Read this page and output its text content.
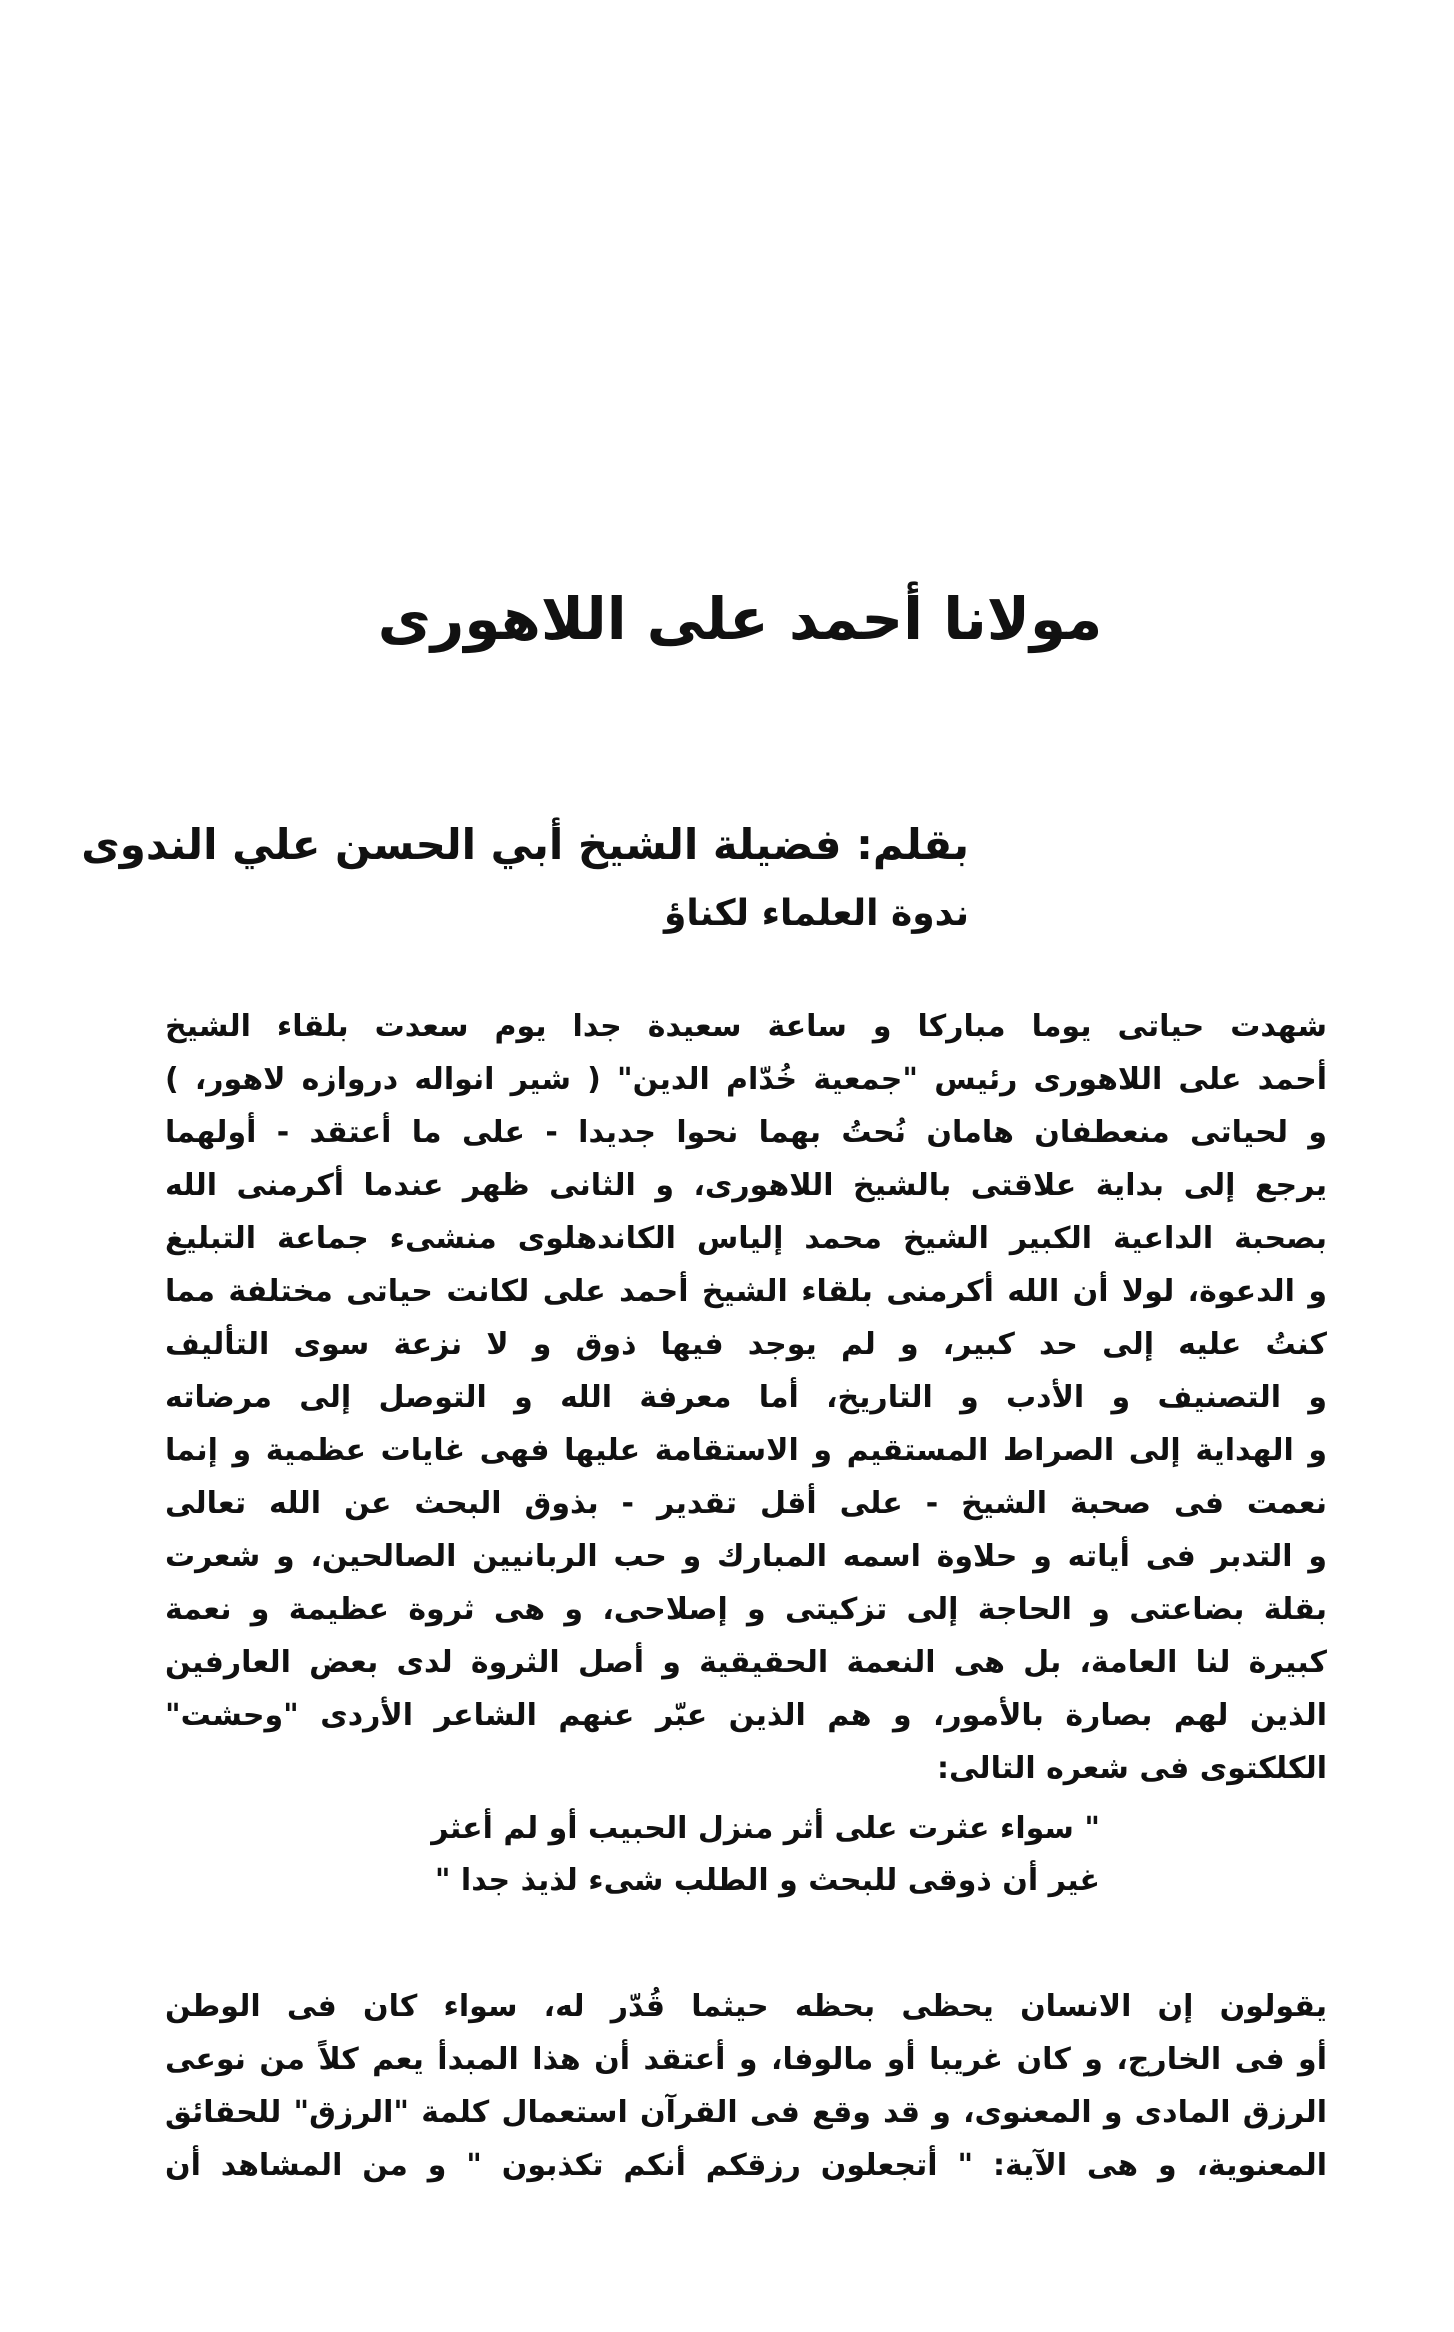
مولانا أحمد على اللاهورى
بقلم: فضيلة الشيخ أبي الحسن علي الندوى
ندوة العلماء لكناؤ
شهدت حياتى يوما مباركا و ساعة سعيدة جدا يوم سعدت بلقاء الشيخ
أحمد على اللاهورى رئيس "جمعية خُدّام الدين" ( شير انواله دروازه لاهور، )
و لحياتى منعطفان هامان نُحتُ بهما نحوا جديدا - على ما أعتقد - أولهما
يرجع إلى بداية علاقتى بالشيخ اللاهورى، و الثانى ظهر عندما أكرمنى الله
بصحبة الداعية الكبير الشيخ محمد إلياس الكاندهلوى منشىء جماعة التبليغ
و الدعوة، لولا أن الله أكرمنى بلقاء الشيخ أحمد على لكانت حياتى مختلفة مما
كنتُ عليه إلى حد كبير، و لم يوجد فيها ذوق و لا نزعة سوى التأليف
و التصنيف و الأدب و التاريخ، أما معرفة الله و التوصل إلى مرضاته
و الهداية إلى الصراط المستقيم و الاستقامة عليها فهى غايات عظمية و إنما
نعمت فى صحبة الشيخ - على أقل تقدير - بذوق البحث عن الله تعالى
و التدبر فى أياته و حلاوة اسمه المبارك و حب الربانيين الصالحين، و شعرت
بقلة بضاعتى و الحاجة إلى تزكيتى و إصلاحى، و هى ثروة عظيمة و نعمة
كبيرة لنا العامة، بل هى النعمة الحقيقية و أصل الثروة لدى بعض العارفين
الذين لهم بصارة بالأمور، و هم الذين عبّر عنهم الشاعر الأردى "وحشت"
الكلكتوى فى شعره التالى:
" سواء عثرت على أثر منزل الحبيب أو لم أعثر
غير أن ذوقى للبحث و الطلب شىء لذيذ جدا "
يقولون إن الانسان يحظى بحظه حيثما قُدّر له، سواء كان فى الوطن
أو فى الخارج، و كان غريبا أو مالوفا، و أعتقد أن هذا المبدأ يعم كلاً من نوعى
الرزق المادى و المعنوى، و قد وقع فى القرآن استعمال كلمة "الرزق" للحقائق
المعنوية، و هى الآية: " أتجعلون رزقكم أنكم تكذبون " و من المشاهد أن
